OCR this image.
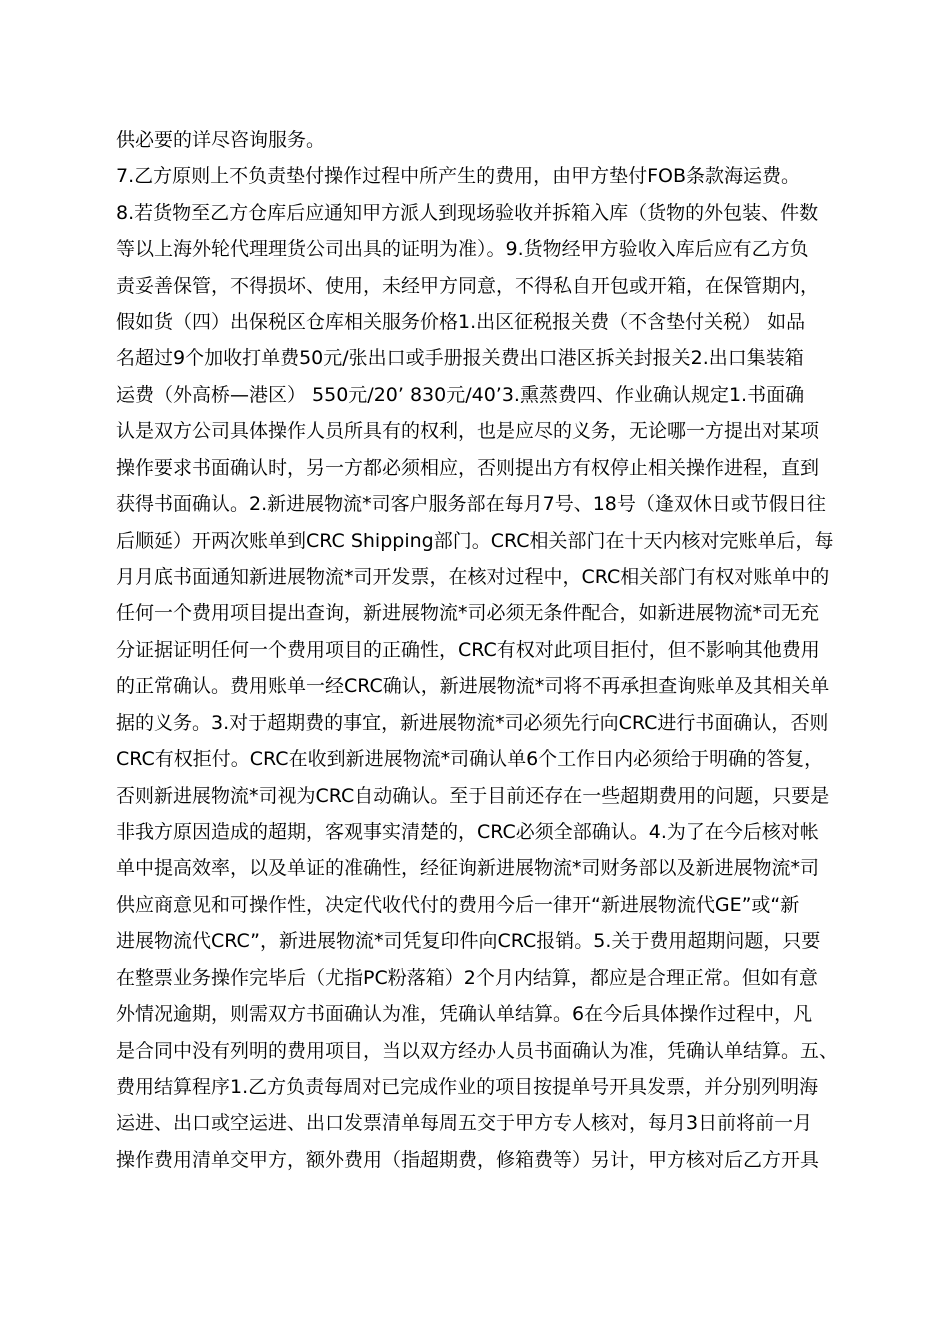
供必要的详尽咨询服务。
7.乙方原则上不负责垫付操作过程中所产生的费用，由甲方垫付FOB条款海运费。
8.若货物至乙方仓库后应通知甲方派人到现场验收并拆箱入库（货物的外包装、件数
等以上海外轮代理理货公司出具的证明为准）。9.货物经甲方验收入库后应有乙方负
责妥善保管，不得损坏、使用，未经甲方同意，不得私自开包或开箱，在保管期内，
假如货（四）出保税区仓库相关服务价格1.出区征税报关费（不含垫付关税） 如品
名超过9个加收打单费50元/张出口或手册报关费出口港区拆关封报关2.出口集装箱
运费（外高桥—港区） 550元/20’ 830元/40’3.熏蒸费四、作业确认规定1.书面确
认是双方公司具体操作人员所具有的权利，也是应尽的义务，无论哪一方提出对某项
操作要求书面确认时，另一方都必须相应，否则提出方有权停止相关操作进程，直到
获得书面确认。2.新进展物流*司客户服务部在每月7号、18号（逢双休日或节假日往
后顺延）开两次账单到CRC Shipping部门。CRC相关部门在十天内核对完账单后，每
月月底书面通知新进展物流*司开发票，在核对过程中，CRC相关部门有权对账单中的
任何一个费用项目提出查询，新进展物流*司必须无条件配合，如新进展物流*司无充
分证据证明任何一个费用项目的正确性，CRC有权对此项目拒付，但不影响其他费用
的正常确认。费用账单一经CRC确认，新进展物流*司将不再承担查询账单及其相关单
据的义务。3.对于超期费的事宜，新进展物流*司必须先行向CRC进行书面确认，否则
CRC有权拒付。CRC在收到新进展物流*司确认单6个工作日内必须给于明确的答复，
否则新进展物流*司视为CRC自动确认。至于目前还存在一些超期费用的问题，只要是
非我方原因造成的超期，客观事实清楚的，CRC必须全部确认。4.为了在今后核对帐
单中提高效率，以及单证的准确性，经征询新进展物流*司财务部以及新进展物流*司
供应商意见和可操作性，决定代收代付的费用今后一律开“新进展物流代GE”或“新
进展物流代CRC”，新进展物流*司凭复印件向CRC报销。5.关于费用超期问题，只要
在整票业务操作完毕后（尤指PC粉落箱）2个月内结算，都应是合理正常。但如有意
外情况逾期，则需双方书面确认为准，凭确认单结算。6在今后具体操作过程中，凡
是合同中没有列明的费用项目，当以双方经办人员书面确认为准，凭确认单结算。五、
费用结算程序1.乙方负责每周对已完成作业的项目按提单号开具发票，并分别列明海
运进、出口或空运进、出口发票清单每周五交于甲方专人核对，每月3日前将前一月
操作费用清单交甲方，额外费用（指超期费，修箱费等）另计，甲方核对后乙方开具
